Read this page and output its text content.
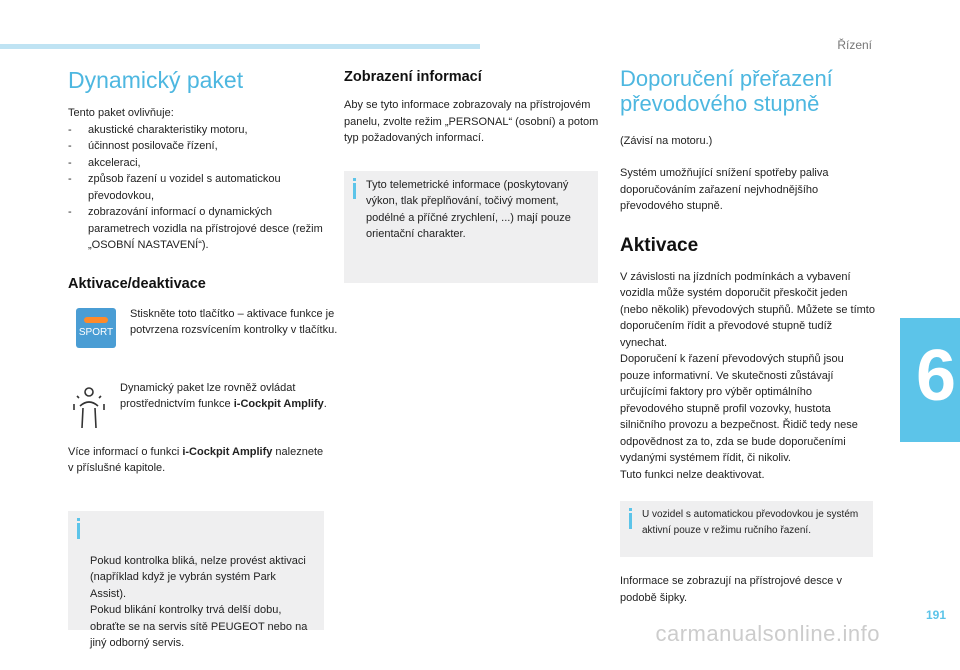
Řízení
6
191
carmanualsonline.info
Dynamický paket

Tento paket ovlivňuje:

- akustické charakteristiky motoru,
- účinnost posilovače řízení,
- akceleraci,
- způsob řazení u vozidel s automatickou převodovkou,
- zobrazování informací o dynamických parametrech vozidla na přístrojové desce (režim „OSOBNÍ NASTAVENÍ“).
Aktivace/deaktivace
SPORT

Stiskněte toto tlačítko – aktivace funkce je potvrzena rozsvícením kontrolky v tlačítku.

Dynamický paket lze rovněž ovládat prostřednictvím funkce i-Cockpit Amplify.

Více informací o funkci i-Cockpit Amplify naleznete v příslušné kapitole.

Pokud kontrolka bliká, nelze provést aktivaci (například když je vybrán systém Park Assist).
Pokud blikání kontrolky trvá delší dobu, obraťte se na servis sítě PEUGEOT nebo na jiný odborný servis.

Zobrazení informací

Aby se tyto informace zobrazovaly na přístrojovém panelu, zvolte režim „PERSONAL“ (osobní) a potom typ požadovaných informací.

Tyto telemetrické informace (poskytovaný výkon, tlak přeplňování, točivý moment, podélné a příčné zrychlení, ...) mají pouze orientační charakter.

Doporučení přeřazení převodového stupně

(Závisí na motoru.)

Systém umožňující snížení spotřeby paliva doporučováním zařazení nejvhodnějšího převodového stupně.

Aktivace

V závislosti na jízdních podmínkách a vybavení vozidla může systém doporučit přeskočit jeden (nebo několik) převodových stupňů. Můžete se tímto doporučením řídit a převodové stupně tudíž vynechat.
Doporučení k řazení převodových stupňů jsou pouze informativní. Ve skutečnosti zůstávají určujícími faktory pro výběr optimálního převodového stupně profil vozovky, hustota silničního provozu a bezpečnost. Řidič tedy nese odpovědnost za to, zda se bude doporučeními vydanými systémem řídit, či nikoliv.
Tuto funkci nelze deaktivovat.

U vozidel s automatickou převodovkou je systém aktivní pouze v režimu ručního řazení.

Informace se zobrazují na přístrojové desce v podobě šipky.
